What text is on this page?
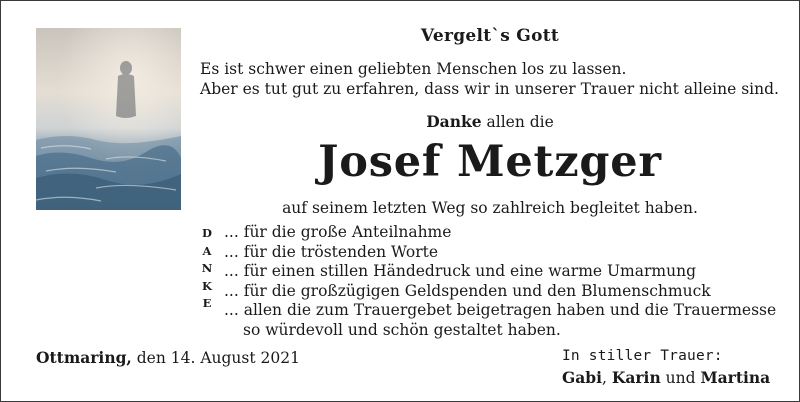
Vergelt`s Gott
Es ist schwer einen geliebten Menschen los zu lassen.
Aber es tut gut zu erfahren, dass wir in unserer Trauer nicht alleine sind.
Danke allen die
Josef Metzger
auf seinem letzten Weg so zahlreich begleitet haben.
D
A
N
K
E
... für die große Anteilnahme
... für die tröstenden Worte
... für einen stillen Händedruck und eine warme Umarmung
... für die großzügigen Geldspenden und den Blumenschmuck
... allen die zum Trauergebet beigetragen haben und die Trauermesse
so würdevoll und schön gestaltet haben.
Ottmaring, den 14. August 2021	In stiller Trauer:
Gabi, Karin und Martina
